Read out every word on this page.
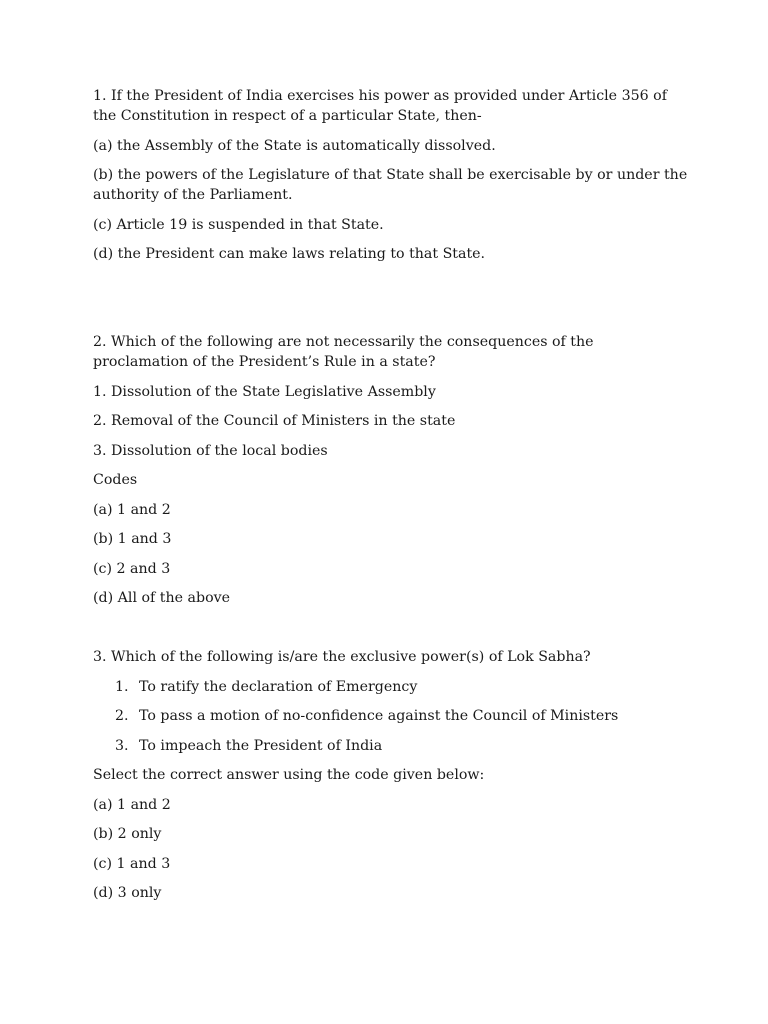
1. If the President of India exercises his power as provided under Article 356 of the Constitution in respect of a particular State, then-

(a) the Assembly of the State is automatically dissolved.

(b) the powers of the Legislature of that State shall be exercisable by or under the authority of the Parliament.

(c) Article 19 is suspended in that State.

(d) the President can make laws relating to that State.

2. Which of the following are not necessarily the consequences of the proclamation of the President’s Rule in a state?

1. Dissolution of the State Legislative Assembly

2. Removal of the Council of Ministers in the state

3. Dissolution of the local bodies

Codes

(a) 1 and 2

(b) 1 and 3

(c) 2 and 3

(d) All of the above

3. Which of the following is/are the exclusive power(s) of Lok Sabha?

1. To ratify the declaration of Emergency
2. To pass a motion of no-confidence against the Council of Ministers
3. To impeach the President of India

Select the correct answer using the code given below:

(a) 1 and 2

(b) 2 only

(c) 1 and 3

(d) 3 only
